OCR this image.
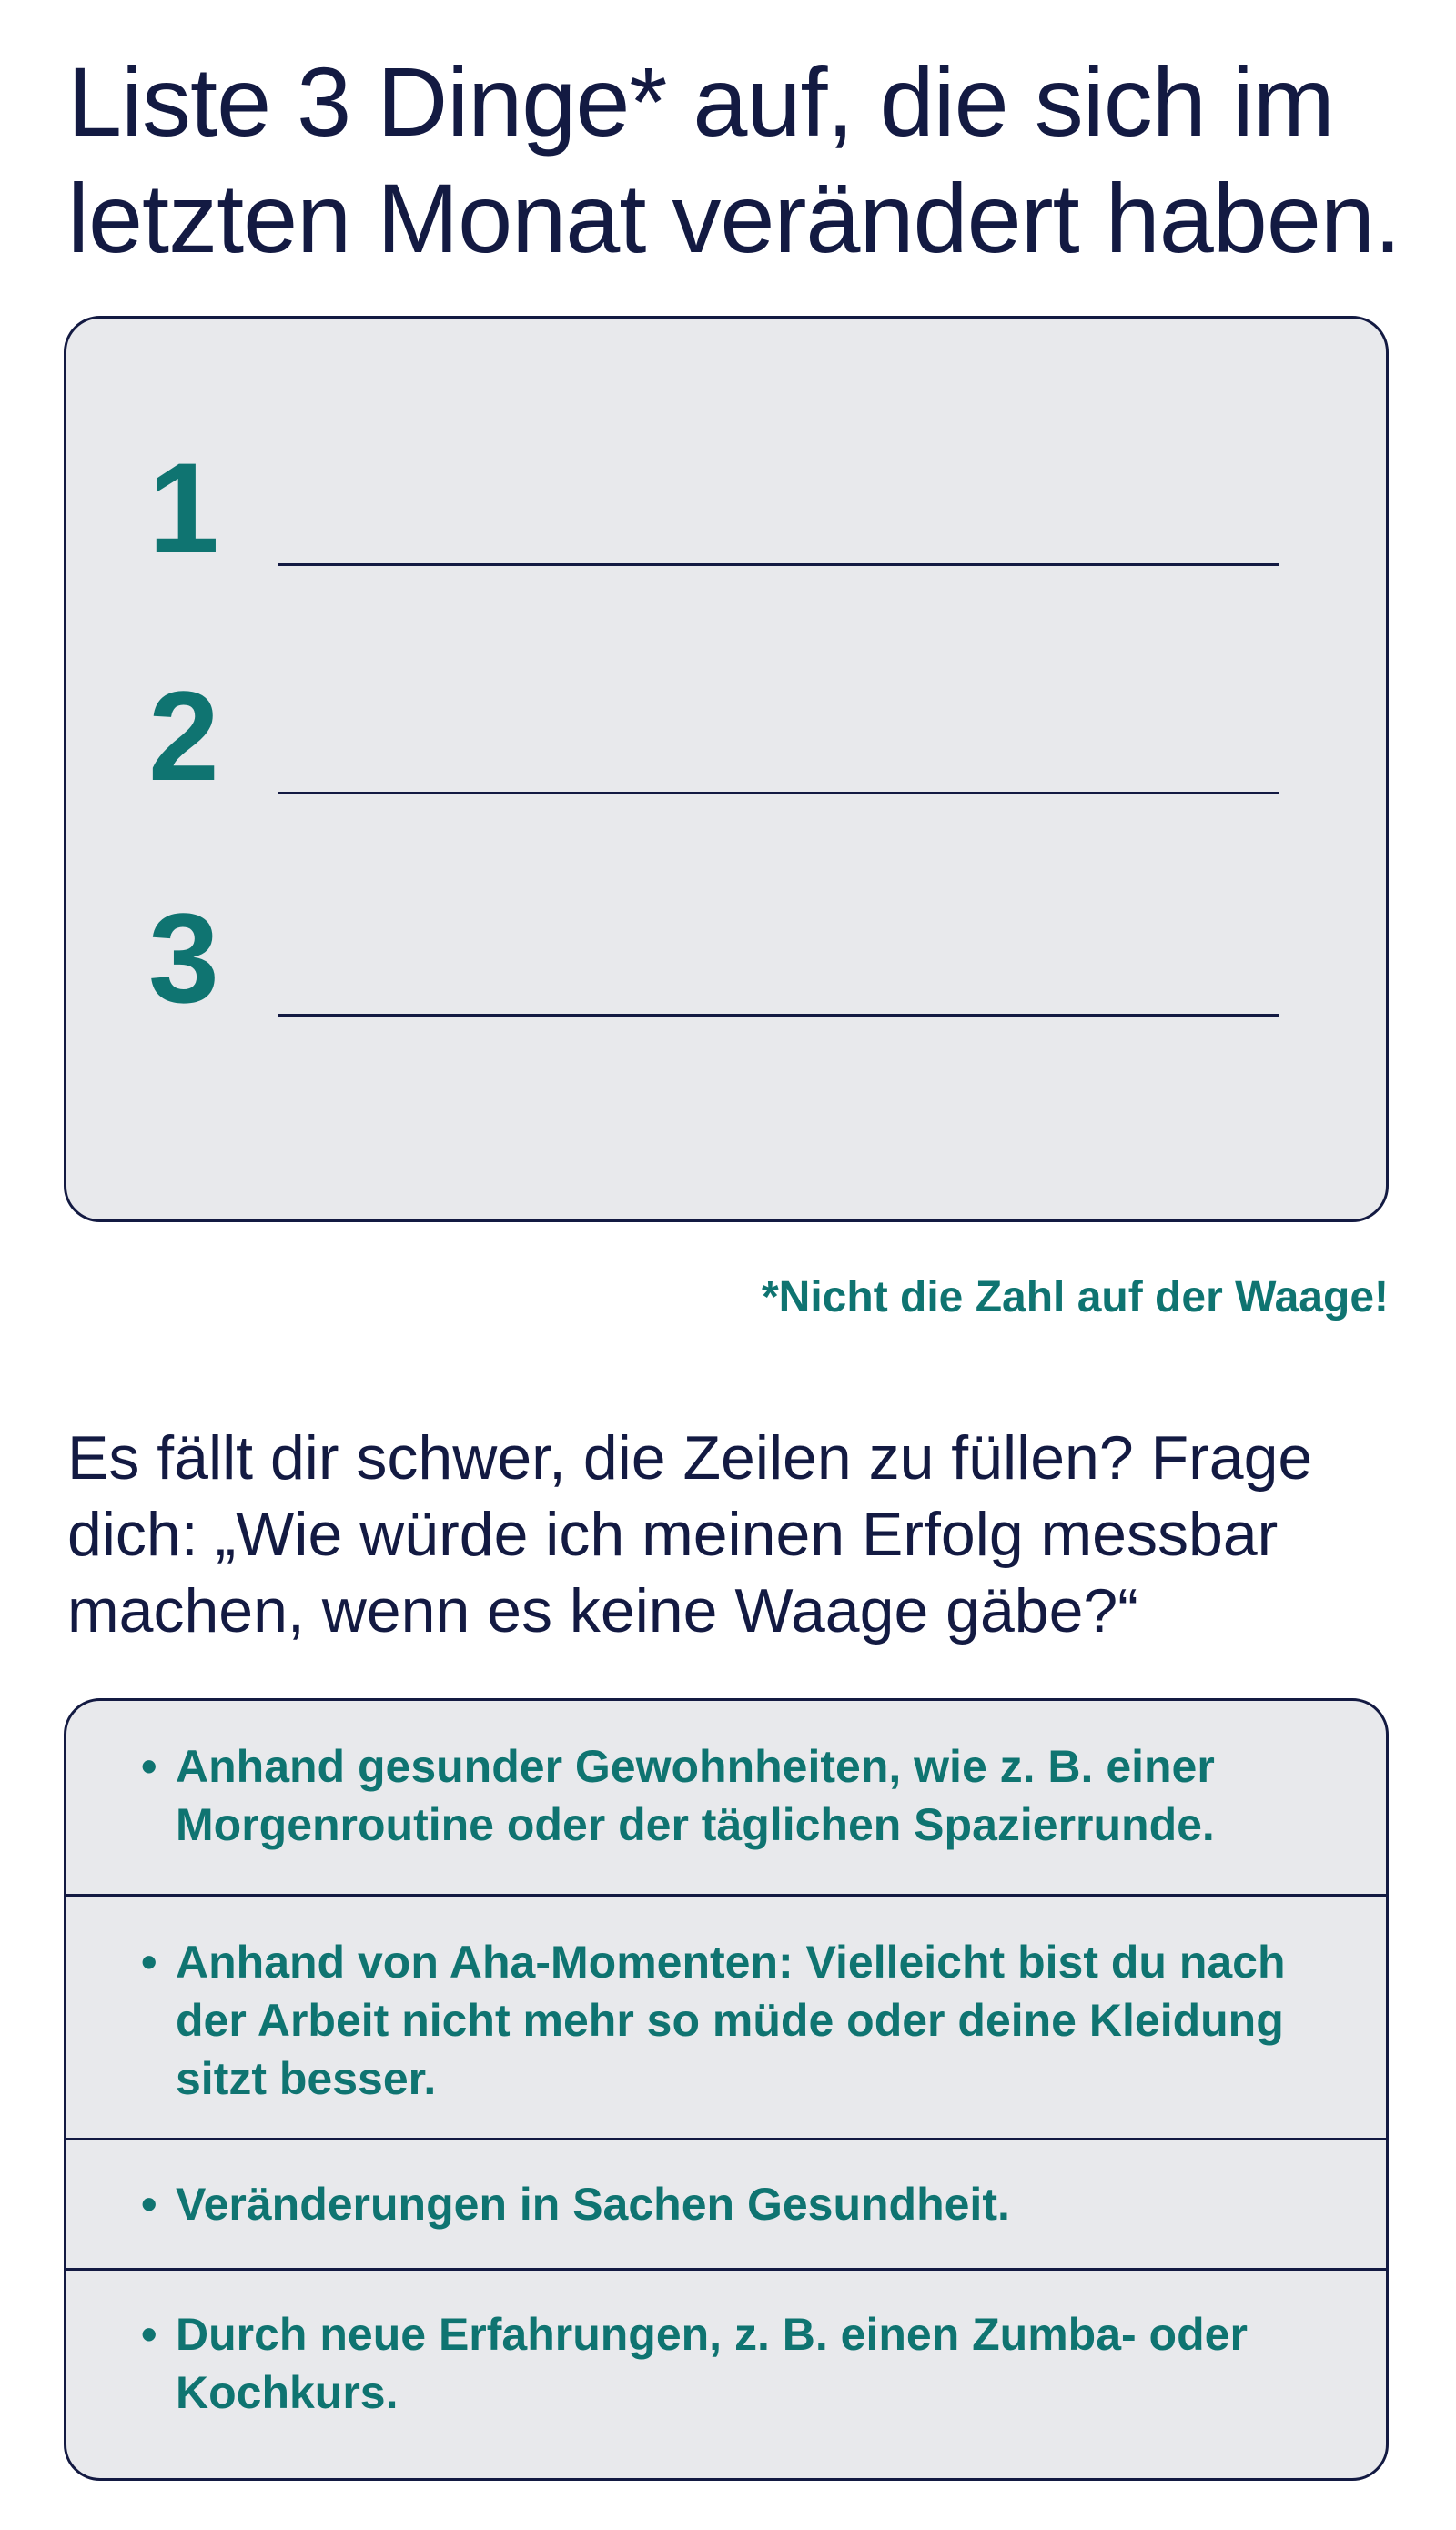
Liste 3 Dinge* auf, die sich im letzten Monat verändert haben.
1
2
3
*Nicht die Zahl auf der Waage!

Es fällt dir schwer, die Zeilen zu füllen? Frage dich: „Wie würde ich meinen Erfolg messbar machen, wenn es keine Waage gäbe?“

• Anhand gesunder Gewohnheiten, wie z. B. einer Morgenroutine oder der täglichen Spazierrunde.
• Anhand von Aha-Momenten: Vielleicht bist du nach der Arbeit nicht mehr so müde oder deine Kleidung sitzt besser.
• Veränderungen in Sachen Gesundheit.
• Durch neue Erfahrungen, z. B. einen Zumba- oder Kochkurs.
